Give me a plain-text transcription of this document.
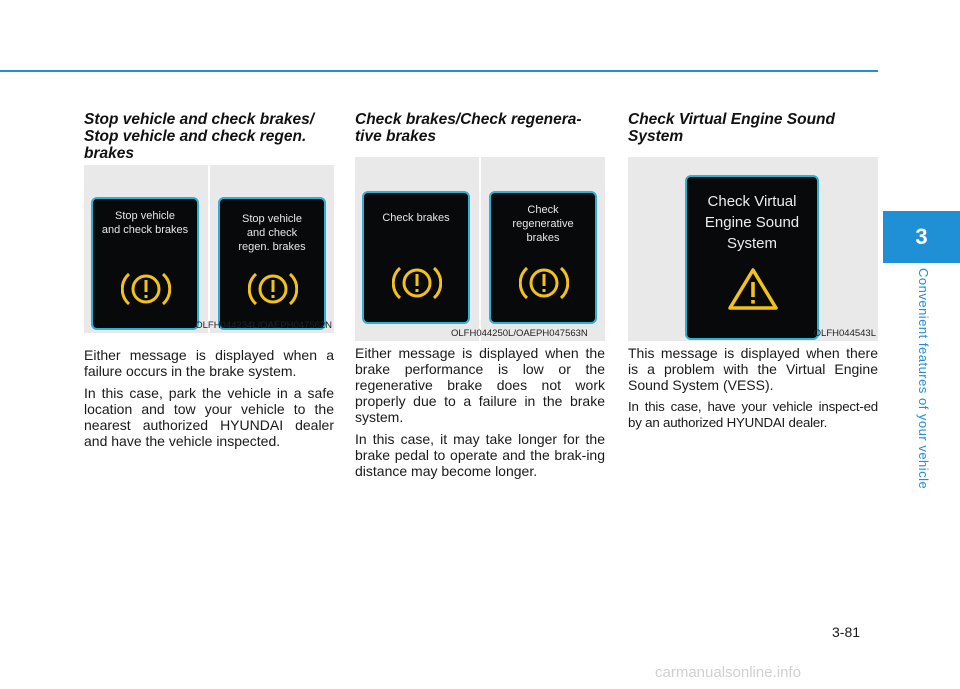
Stop vehicle and check brakes/
Stop vehicle and check regen.
brakes
Stop vehicle
and check brakes
Stop vehicle
and check
regen. brakes
OLFH044234L/OAEPH047562N

Either message is displayed when a failure occurs in the brake system.

In this case, park the vehicle in a safe location and tow your vehicle to the nearest authorized HYUNDAI dealer and have the vehicle inspected.

Check brakes/Check regenera-
tive brakes
Check brakes
Check
regenerative
brakes
OLFH044250L/OAEPH047563N

Either message is displayed when the brake performance is low or the regenerative brake does not work properly due to a failure in the brake system.

In this case, it may take longer for the brake pedal to operate and the brak-ing distance may become longer.

Check Virtual Engine Sound
System
Check Virtual
Engine Sound
System
OLFH044543L

This message is displayed when there is a problem with the Virtual Engine Sound System (VESS).

In this case, have your vehicle inspect-ed by an authorized HYUNDAI dealer.

3
Convenient features of your vehicle
3-81
carmanualsonline.info
